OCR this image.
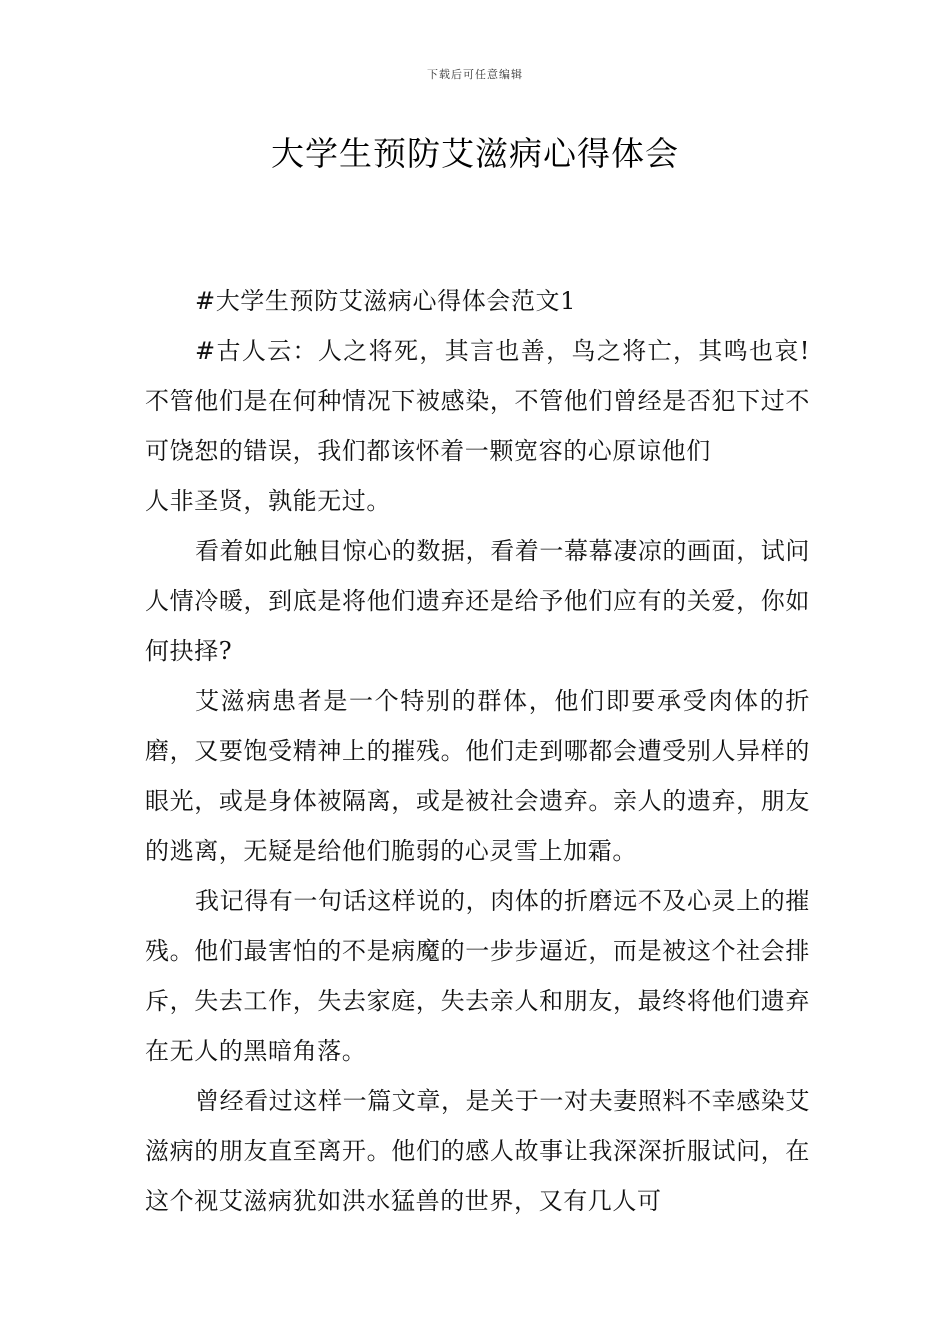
下载后可任意编辑
大学生预防艾滋病心得体会

#大学生预防艾滋病心得体会范文1

#古人云：人之将死，其言也善，鸟之将亡，其鸣也哀!不管他们是在何种情况下被感染，不管他们曾经是否犯下过不可饶恕的错误，我们都该怀着一颗宽容的心原谅他们

人非圣贤，孰能无过。

看着如此触目惊心的数据，看着一幕幕凄凉的画面，试问人情冷暖，到底是将他们遗弃还是给予他们应有的关爱，你如何抉择?

艾滋病患者是一个特别的群体，他们即要承受肉体的折磨，又要饱受精神上的摧残。他们走到哪都会遭受别人异样的眼光，或是身体被隔离，或是被社会遗弃。亲人的遗弃，朋友的逃离，无疑是给他们脆弱的心灵雪上加霜。

我记得有一句话这样说的，肉体的折磨远不及心灵上的摧残。他们最害怕的不是病魔的一步步逼近，而是被这个社会排斥，失去工作，失去家庭，失去亲人和朋友，最终将他们遗弃在无人的黑暗角落。

曾经看过这样一篇文章，是关于一对夫妻照料不幸感染艾滋病的朋友直至离开。他们的感人故事让我深深折服试问，在这个视艾滋病犹如洪水猛兽的世界，又有几人可
